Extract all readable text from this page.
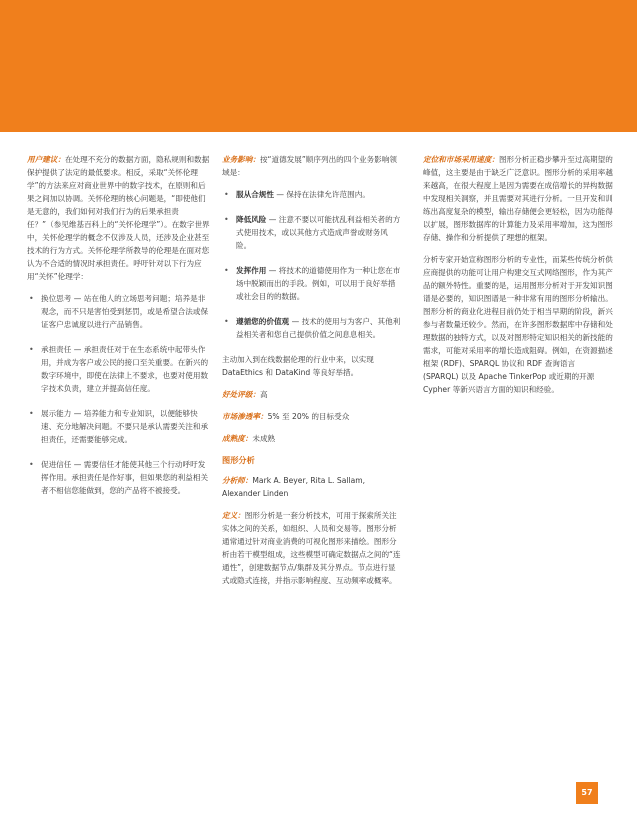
用户建议：在处理不充分的数据方面，隐私规则和数据保护提供了法定的最低要求。相反，采取“关怀伦理学”的方法来应对商业世界中的数字技术，在原则和后果之间加以协调。关怀伦理的核心问题是，“即使他们是无意的，我们如何对我们行为的后果承担责任？”（参见维基百科上的“关怀伦理学”）。在数字世界中，关怀伦理学的概念不仅涉及人员，还涉及企业甚至技术的行为方式。关怀伦理学所教导的伦理是在面对您认为不合适的情况时承担责任。呼吁针对以下行为应用“关怀”伦理学：

• 换位思考 — 站在他人的立场思考问题；培养是非观念，而不只是害怕受到惩罚，或是希望合法或保证客户忠诚度以进行产品销售。
• 承担责任 — 承担责任对于在生态系统中起带头作用，并成为客户或公民的接口至关重要。在新兴的数字环境中，即使在法律上不要求，也要对使用数字技术负责，建立并提高信任度。
• 展示能力 — 培养能力和专业知识，以便能够快速、充分地解决问题。不要只是承认需要关注和承担责任，还需要能够完成。
• 促进信任 — 需要信任才能使其他三个行动呼吁发挥作用。承担责任是作好事，但如果您的利益相关者不相信您能做到，您的产品将不被接受。

业务影响：按“道德发展”顺序列出的四个业务影响领域是：

• 服从合规性 — 保持在法律允许范围内。
• 降低风险 — 注意不要以可能扰乱利益相关者的方式使用技术，或以其他方式造成声誉或财务风险。
• 发挥作用 — 将技术的道德使用作为一种让您在市场中脱颖而出的手段。例如，可以用于良好举措或社会目的的数据。
• 遵循您的价值观 — 技术的使用与为客户、其他利益相关者和您自己提供价值之间息息相关。

主动加入到在线数据伦理的行业中来，以实现 DataEthics 和 DataKind 等良好举措。

好处评级：高

市场渗透率：5% 至 20% 的目标受众

成熟度：未成熟

图形分析

分析师：Mark A. Beyer, Rita L. Sallam, Alexander Linden

定义：图形分析是一套分析技术，可用于探索所关注实体之间的关系，如组织、人员和交易等。图形分析通常通过针对商业消费的可视化图形来描绘。图形分析由若干模型组成，这些模型可确定数据点之间的“连通性”，创建数据节点/集群及其分界点。节点进行显式或隐式连接，并指示影响程度、互动频率或概率。

定位和市场采用速度：图形分析正稳步攀升至过高期望的峰值，这主要是由于缺乏广泛意识。图形分析的采用率越来越高，在很大程度上是因为需要在成倍增长的异构数据中发现相关洞察，并且需要对其进行分析。一旦开发和训练出高度复杂的模型，输出存储便会更轻松，因为功能得以扩展，图形数据库的计算能力及采用率增加，这为图形存储、操作和分析提供了理想的框架。

分析专家开始宣称图形分析的专业性，而某些传统分析供应商提供的功能可让用户构建交互式网络图形，作为其产品的额外特性。重要的是，运用图形分析对于开发知识图谱是必要的，知识图谱是一种非常有用的图形分析输出。图形分析的商业化进程目前仍处于相当早期的阶段，新兴参与者数量还较少。然而，在许多图形数据库中存储和处理数据的独特方式，以及对图形特定知识相关的新技能的需求，可能对采用率的增长造成阻碍。例如，在资源描述框架 (RDF)、SPARQL 协议和 RDF 查询语言 (SPARQL) 以及 Apache TinkerPop 或近期的开源 Cypher 等新兴语言方面的知识和经验。

57
